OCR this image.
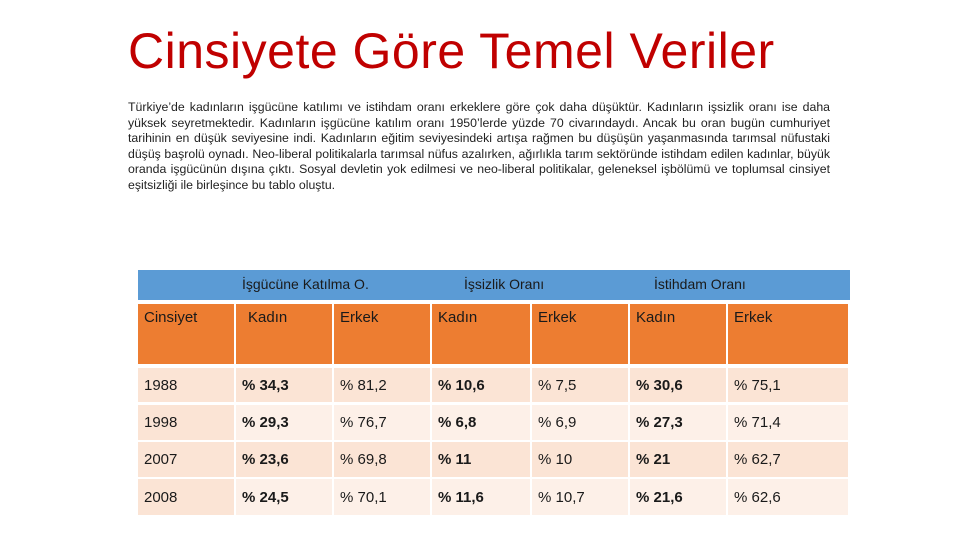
Cinsiyete Göre Temel Veriler
Türkiye’de kadınların işgücüne katılımı ve istihdam oranı erkeklere göre çok daha düşüktür. Kadınların işsizlik oranı ise daha yüksek seyretmektedir. Kadınların işgücüne katılım oranı 1950’lerde yüzde 70 civarındaydı. Ancak bu oran bugün cumhuriyet tarihinin en düşük seviyesine indi. Kadınların eğitim seviyesindeki artışa rağmen bu düşüşün yaşanmasında tarımsal nüfustaki düşüş başrolü oynadı. Neo-liberal politikalarla tarımsal nüfus azalırken, ağırlıkla tarım sektöründe istihdam edilen kadınlar, büyük oranda işgücünün dışına çıktı. Sosyal devletin yok edilmesi ve neo-liberal politikalar, geleneksel işbölümü ve toplumsal cinsiyet eşitsizliği ile birleşince bu tablo oluştu.
İşgücüne Katılma O.	İşsizlik Oranı	İstihdam Oranı
Cinsiyet	Kadın	Erkek	Kadın	Erkek	Kadın	Erkek
1988	% 34,3	% 81,2	% 10,6	% 7,5	% 30,6	% 75,1
1998	% 29,3	% 76,7	% 6,8	% 6,9	% 27,3	% 71,4
2007	% 23,6	% 69,8	% 11	% 10	% 21	% 62,7
2008	% 24,5	% 70,1	% 11,6	% 10,7	% 21,6	% 62,6
